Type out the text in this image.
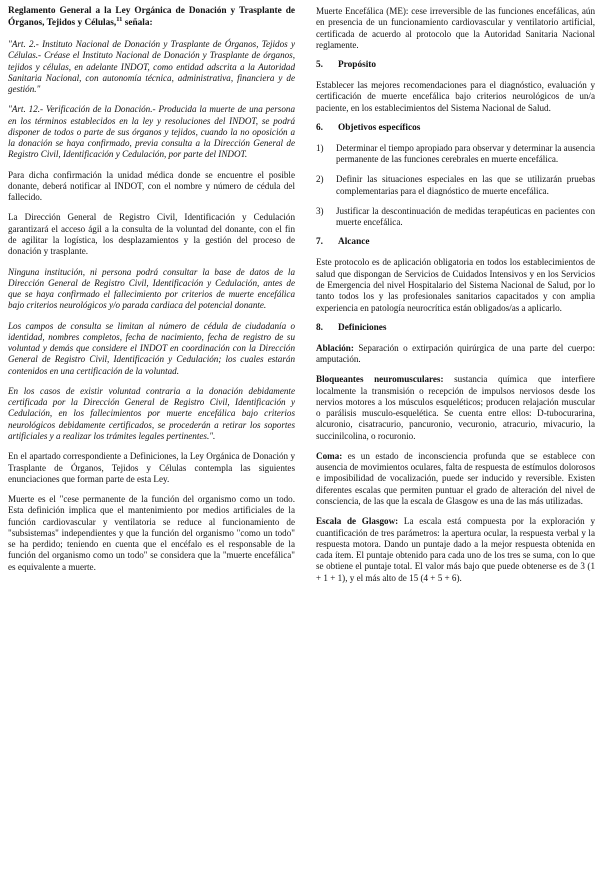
Reglamento General a la Ley Orgánica de Donación y Trasplante de Órganos, Tejidos y Células,$^{11}$ señala:

"Art. 2.- Instituto Nacional de Donación y Trasplante de Órganos, Tejidos y Células.- Créase el Instituto Nacional de Donación y Trasplante de órganos, tejidos y células, en adelante INDOT, como entidad adscrita a la Autoridad Sanitaria Nacional, con autonomía técnica, administrativa, financiera y de gestión."

"Art. 12.- Verificación de la Donación.- Producida la muerte de una persona en los términos establecidos en la ley y resoluciones del INDOT, se podrá disponer de todos o parte de sus órganos y tejidos, cuando la no oposición a la donación se haya confirmado, previa consulta a la Dirección General de Registro Civil, Identificación y Cedulación, por parte del INDOT.

Para dicha confirmación la unidad médica donde se encuentre el posible donante, deberá notificar al INDOT, con el nombre y número de cédula del fallecido.

La Dirección General de Registro Civil, Identificación y Cedulación garantizará el acceso ágil a la consulta de la voluntad del donante, con el fin de agilitar la logística, los desplazamientos y la gestión del proceso de donación y trasplante.

Ninguna institución, ni persona podrá consultar la base de datos de la Dirección General de Registro Civil, Identificación y Cedulación, antes de que se haya confirmado el fallecimiento por criterios de muerte encefálica bajo criterios neurológicos y/o parada cardiaca del potencial donante.

Los campos de consulta se limitan al número de cédula de ciudadanía o identidad, nombres completos, fecha de nacimiento, fecha de registro de su voluntad y demás que considere el INDOT en coordinación con la Dirección General de Registro Civil, Identificación y Cedulación; los cuales estarán contenidos en una certificación de la voluntad.

En los casos de existir voluntad contraria a la donación debidamente certificada por la Dirección General de Registro Civil, Identificación y Cedulación, en los fallecimientos por muerte encefálica bajo criterios neurológicos debidamente certificados, se procederán a retirar los soportes artificiales y a realizar los trámites legales pertinentes.".

En el apartado correspondiente a Definiciones, la Ley Orgánica de Donación y Trasplante de Órganos, Tejidos y Células contempla las siguientes enunciaciones que forman parte de esta Ley.

Muerte es el "cese permanente de la función del organismo como un todo. Esta definición implica que el mantenimiento por medios artificiales de la función cardiovascular y ventilatoria se reduce al funcionamiento de "subsistemas" independientes y que la función del organismo "como un todo" se ha perdido; teniendo en cuenta que el encéfalo es el responsable de la función del organismo como un todo" se considera que la "muerte encefálica" es equivalente a muerte.

Muerte Encefálica (ME): cese irreversible de las funciones encefálicas, aún en presencia de un funcionamiento cardiovascular y ventilatorio artificial, certificada de acuerdo al protocolo que la Autoridad Sanitaria Nacional reglamente.

5.	Propósito

Establecer las mejores recomendaciones para el diagnóstico, evaluación y certificación de muerte encefálica bajo criterios neurológicos de un/a paciente, en los establecimientos del Sistema Nacional de Salud.

6.	Objetivos específicos
1)	Determinar el tiempo apropiado para observar y determinar la ausencia permanente de las funciones cerebrales en muerte encefálica.
2)	Definir las situaciones especiales en las que se utilizarán pruebas complementarias para el diagnóstico de muerte encefálica.
3)	Justificar la descontinuación de medidas terapéuticas en pacientes con muerte encefálica.
7.	Alcance

Este protocolo es de aplicación obligatoria en todos los establecimientos de salud que dispongan de Servicios de Cuidados Intensivos y en los Servicios de Emergencia del nivel Hospitalario del Sistema Nacional de Salud, por lo tanto todos los y las profesionales sanitarios capacitados y con amplia experiencia en patología neurocrítica están obligados/as a aplicarlo.

8.	Definiciones

Ablación: Separación o extirpación quirúrgica de una parte del cuerpo: amputación.

Bloqueantes neuromusculares: sustancia química que interfiere localmente la transmisión o recepción de impulsos nerviosos desde los nervios motores a los músculos esqueléticos; producen relajación muscular o parálisis musculo-esquelética. Se cuenta entre ellos: D-tubocurarina, alcuronio, cisatracurio, pancuronio, vecuronio, atracurio, mivacurio, la succinilcolina, o rocuronio.

Coma: es un estado de inconsciencia profunda que se establece con ausencia de movimientos oculares, falta de respuesta de estímulos dolorosos e imposibilidad de vocalización, puede ser inducido y reversible. Existen diferentes escalas que permiten puntuar el grado de alteración del nivel de consciencia, de las que la escala de Glasgow es una de las más utilizadas.

Escala de Glasgow: La escala está compuesta por la exploración y cuantificación de tres parámetros: la apertura ocular, la respuesta verbal y la respuesta motora. Dando un puntaje dado a la mejor respuesta obtenida en cada ítem. El puntaje obtenido para cada uno de los tres se suma, con lo que se obtiene el puntaje total. El valor más bajo que puede obtenerse es de 3 (1 + 1 + 1), y el más alto de 15 (4 + 5 + 6).
